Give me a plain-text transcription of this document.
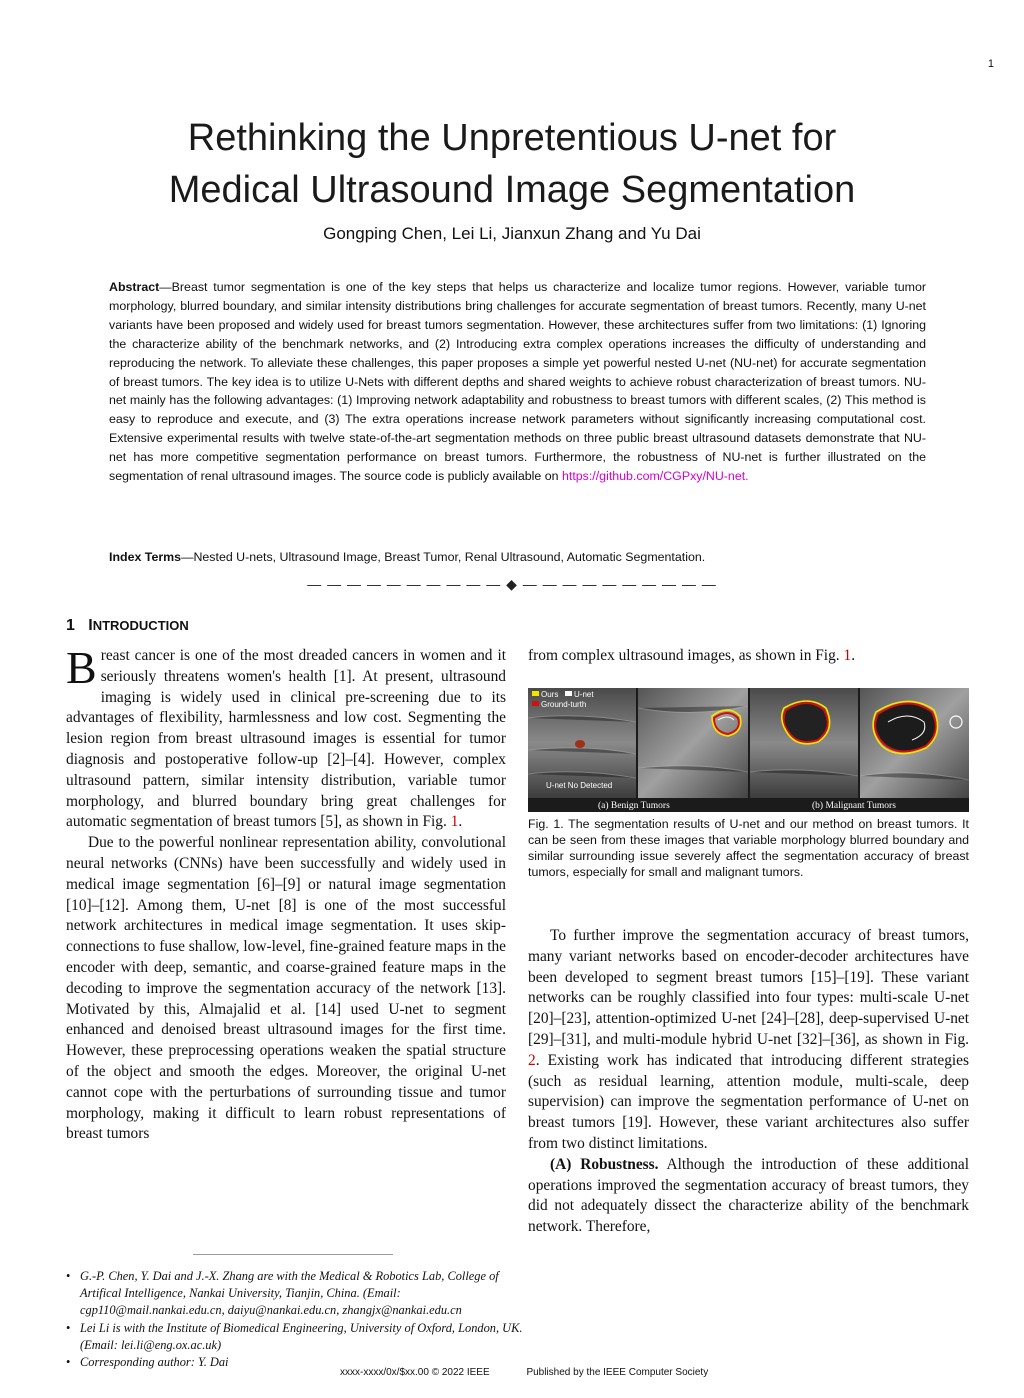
1
Rethinking the Unpretentious U-net for
Medical Ultrasound Image Segmentation
Gongping Chen, Lei Li, Jianxun Zhang and Yu Dai
Abstract—Breast tumor segmentation is one of the key steps that helps us characterize and localize tumor regions. However, variable tumor morphology, blurred boundary, and similar intensity distributions bring challenges for accurate segmentation of breast tumors. Recently, many U-net variants have been proposed and widely used for breast tumors segmentation. However, these architectures suffer from two limitations: (1) Ignoring the characterize ability of the benchmark networks, and (2) Introducing extra complex operations increases the difficulty of understanding and reproducing the network. To alleviate these challenges, this paper proposes a simple yet powerful nested U-net (NU-net) for accurate segmentation of breast tumors. The key idea is to utilize U-Nets with different depths and shared weights to achieve robust characterization of breast tumors. NU-net mainly has the following advantages: (1) Improving network adaptability and robustness to breast tumors with different scales, (2) This method is easy to reproduce and execute, and (3) The extra operations increase network parameters without significantly increasing computational cost. Extensive experimental results with twelve state-of-the-art segmentation methods on three public breast ultrasound datasets demonstrate that NU-net has more competitive segmentation performance on breast tumors. Furthermore, the robustness of NU-net is further illustrated on the segmentation of renal ultrasound images. The source code is publicly available on https://github.com/CGPxy/NU-net.
Index Terms—Nested U-nets, Ultrasound Image, Breast Tumor, Renal Ultrasound, Automatic Segmentation.
— — — — — — — — — — ◆ — — — — — — — — — —
1 INTRODUCTION

Breast cancer is one of the most dreaded cancers in women and it seriously threatens women's health [1]. At present, ultrasound imaging is widely used in clinical pre-screening due to its advantages of flexibility, harmlessness and low cost. Segmenting the lesion region from breast ultrasound images is essential for tumor diagnosis and postoperative follow-up [2]–[4]. However, complex ultrasound pattern, similar intensity distribution, variable tumor morphology, and blurred boundary bring great challenges for automatic segmentation of breast tumors [5], as shown in Fig. 1.

Due to the powerful nonlinear representation ability, convolutional neural networks (CNNs) have been successfully and widely used in medical image segmentation [6]–[9] or natural image segmentation [10]–[12]. Among them, U-net [8] is one of the most successful network architectures in medical image segmentation. It uses skip-connections to fuse shallow, low-level, fine-grained feature maps in the encoder with deep, semantic, and coarse-grained feature maps in the decoding to improve the segmentation accuracy of the network [13]. Motivated by this, Almajalid et al. [14] used U-net to segment enhanced and denoised breast ultrasound images for the first time. However, these preprocessing operations weaken the spatial structure of the object and smooth the edges. Moreover, the original U-net cannot cope with the perturbations of surrounding tissue and tumor morphology, making it difficult to learn robust representations of breast tumors

from complex ultrasound images, as shown in Fig. 1.

Ours U-net
Ground-turth
U-net No Detected
(a) Benign Tumors	(b) Malignant Tumors
Fig. 1. The segmentation results of U-net and our method on breast tumors. It can be seen from these images that variable morphology blurred boundary and similar surrounding issue severely affect the segmentation accuracy of breast tumors, especially for small and malignant tumors.

To further improve the segmentation accuracy of breast tumors, many variant networks based on encoder-decoder architectures have been developed to segment breast tumors [15]–[19]. These variant networks can be roughly classified into four types: multi-scale U-net [20]–[23], attention-optimized U-net [24]–[28], deep-supervised U-net [29]–[31], and multi-module hybrid U-net [32]–[36], as shown in Fig. 2. Existing work has indicated that introducing different strategies (such as residual learning, attention module, multi-scale, deep supervision) can improve the segmentation performance of U-net on breast tumors [19]. However, these variant architectures also suffer from two distinct limitations.

(A) Robustness. Although the introduction of these additional operations improved the segmentation accuracy of breast tumors, they did not adequately dissect the characterize ability of the benchmark network. Therefore,

• G.-P. Chen, Y. Dai and J.-X. Zhang are with the Medical & Robotics Lab, College of Artifical Intelligence, Nankai University, Tianjin, China. (Email: cgp110@mail.nankai.edu.cn, daiyu@nankai.edu.cn, zhangjx@nankai.edu.cn
• Lei Li is with the Institute of Biomedical Engineering, University of Oxford, London, UK. (Email: lei.li@eng.ox.ac.uk)
• Corresponding author: Y. Dai
xxxx-xxxx/0x/$xx.00 © 2022 IEEE	Published by the IEEE Computer Society
